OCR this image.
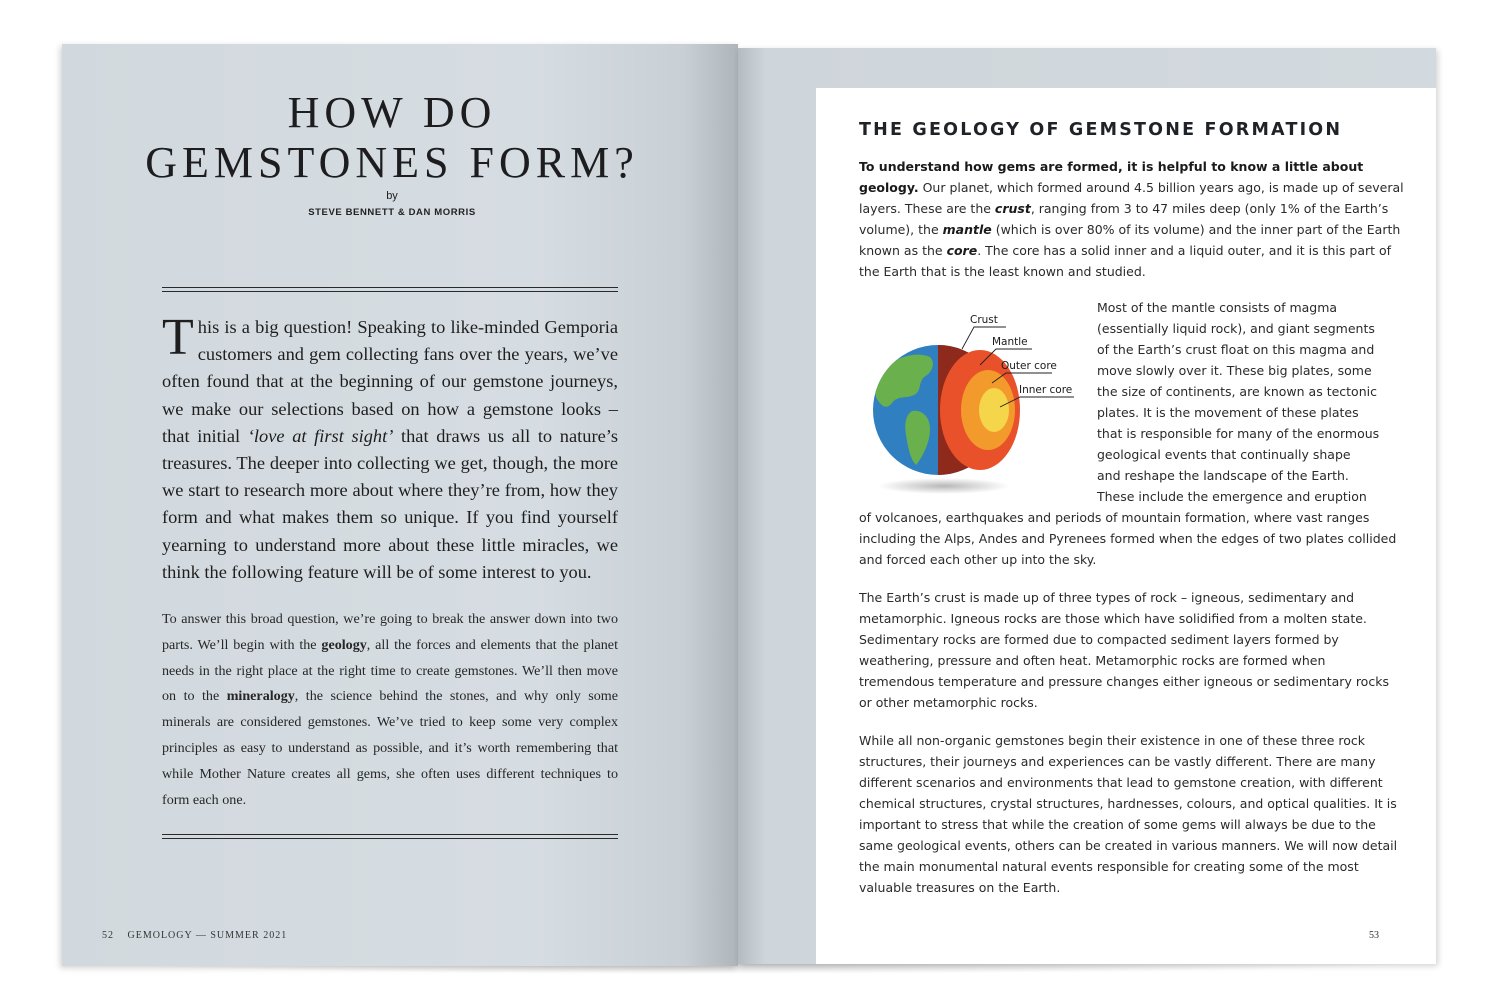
HOW DO
GEMSTONES FORM?
by
STEVE BENNETT & DAN MORRIS

This is a big question! Speaking to like-minded Gemporia customers and gem collecting fans over the years, we’ve often found that at the beginning of our gemstone journeys, we make our selections based on how a gemstone looks – that initial ‘love at first sight’ that draws us all to nature’s treasures. The deeper into collecting we get, though, the more we start to research more about where they’re from, how they form and what makes them so unique. If you find yourself yearning to understand more about these little miracles, we think the following feature will be of some interest to you.

To answer this broad question, we’re going to break the answer down into two parts. We’ll begin with the geology, all the forces and elements that the planet needs in the right place at the right time to create gemstones. We’ll then move on to the mineralogy, the science behind the stones, and why only some minerals are considered gemstones. We’ve tried to keep some very complex principles as easy to understand as possible, and it’s worth remembering that while Mother Nature creates all gems, she often uses different techniques to form each one.

52 GEMOLOGY — SUMMER 2021
THE GEOLOGY OF GEMSTONE FORMATION

To understand how gems are formed, it is helpful to know a little about geology. Our planet, which formed around 4.5 billion years ago, is made up of several layers. These are the crust, ranging from 3 to 47 miles deep (only 1% of the Earth’s volume), the mantle (which is over 80% of its volume) and the inner part of the Earth known as the core. The core has a solid inner and a liquid outer, and it is this part of the Earth that is the least known and studied.

Crust
Mantle
Outer core
Inner core
Most of the mantle consists of magma
(essentially liquid rock), and giant segments
of the Earth’s crust float on this magma and
move slowly over it. These big plates, some
the size of continents, are known as tectonic
plates. It is the movement of these plates
that is responsible for many of the enormous
geological events that continually shape
and reshape the landscape of the Earth.
These include the emergence and eruption

of volcanoes, earthquakes and periods of mountain formation, where vast ranges including the Alps, Andes and Pyrenees formed when the edges of two plates collided and forced each other up into the sky.

The Earth’s crust is made up of three types of rock – igneous, sedimentary and metamorphic. Igneous rocks are those which have solidified from a molten state. Sedimentary rocks are formed due to compacted sediment layers formed by weathering, pressure and often heat. Metamorphic rocks are formed when tremendous temperature and pressure changes either igneous or sedimentary rocks or other metamorphic rocks.

While all non-organic gemstones begin their existence in one of these three rock structures, their journeys and experiences can be vastly different. There are many different scenarios and environments that lead to gemstone creation, with different chemical structures, crystal structures, hardnesses, colours, and optical qualities. It is important to stress that while the creation of some gems will always be due to the same geological events, others can be created in various manners. We will now detail the main monumental natural events responsible for creating some of the most valuable treasures on the Earth.

53
